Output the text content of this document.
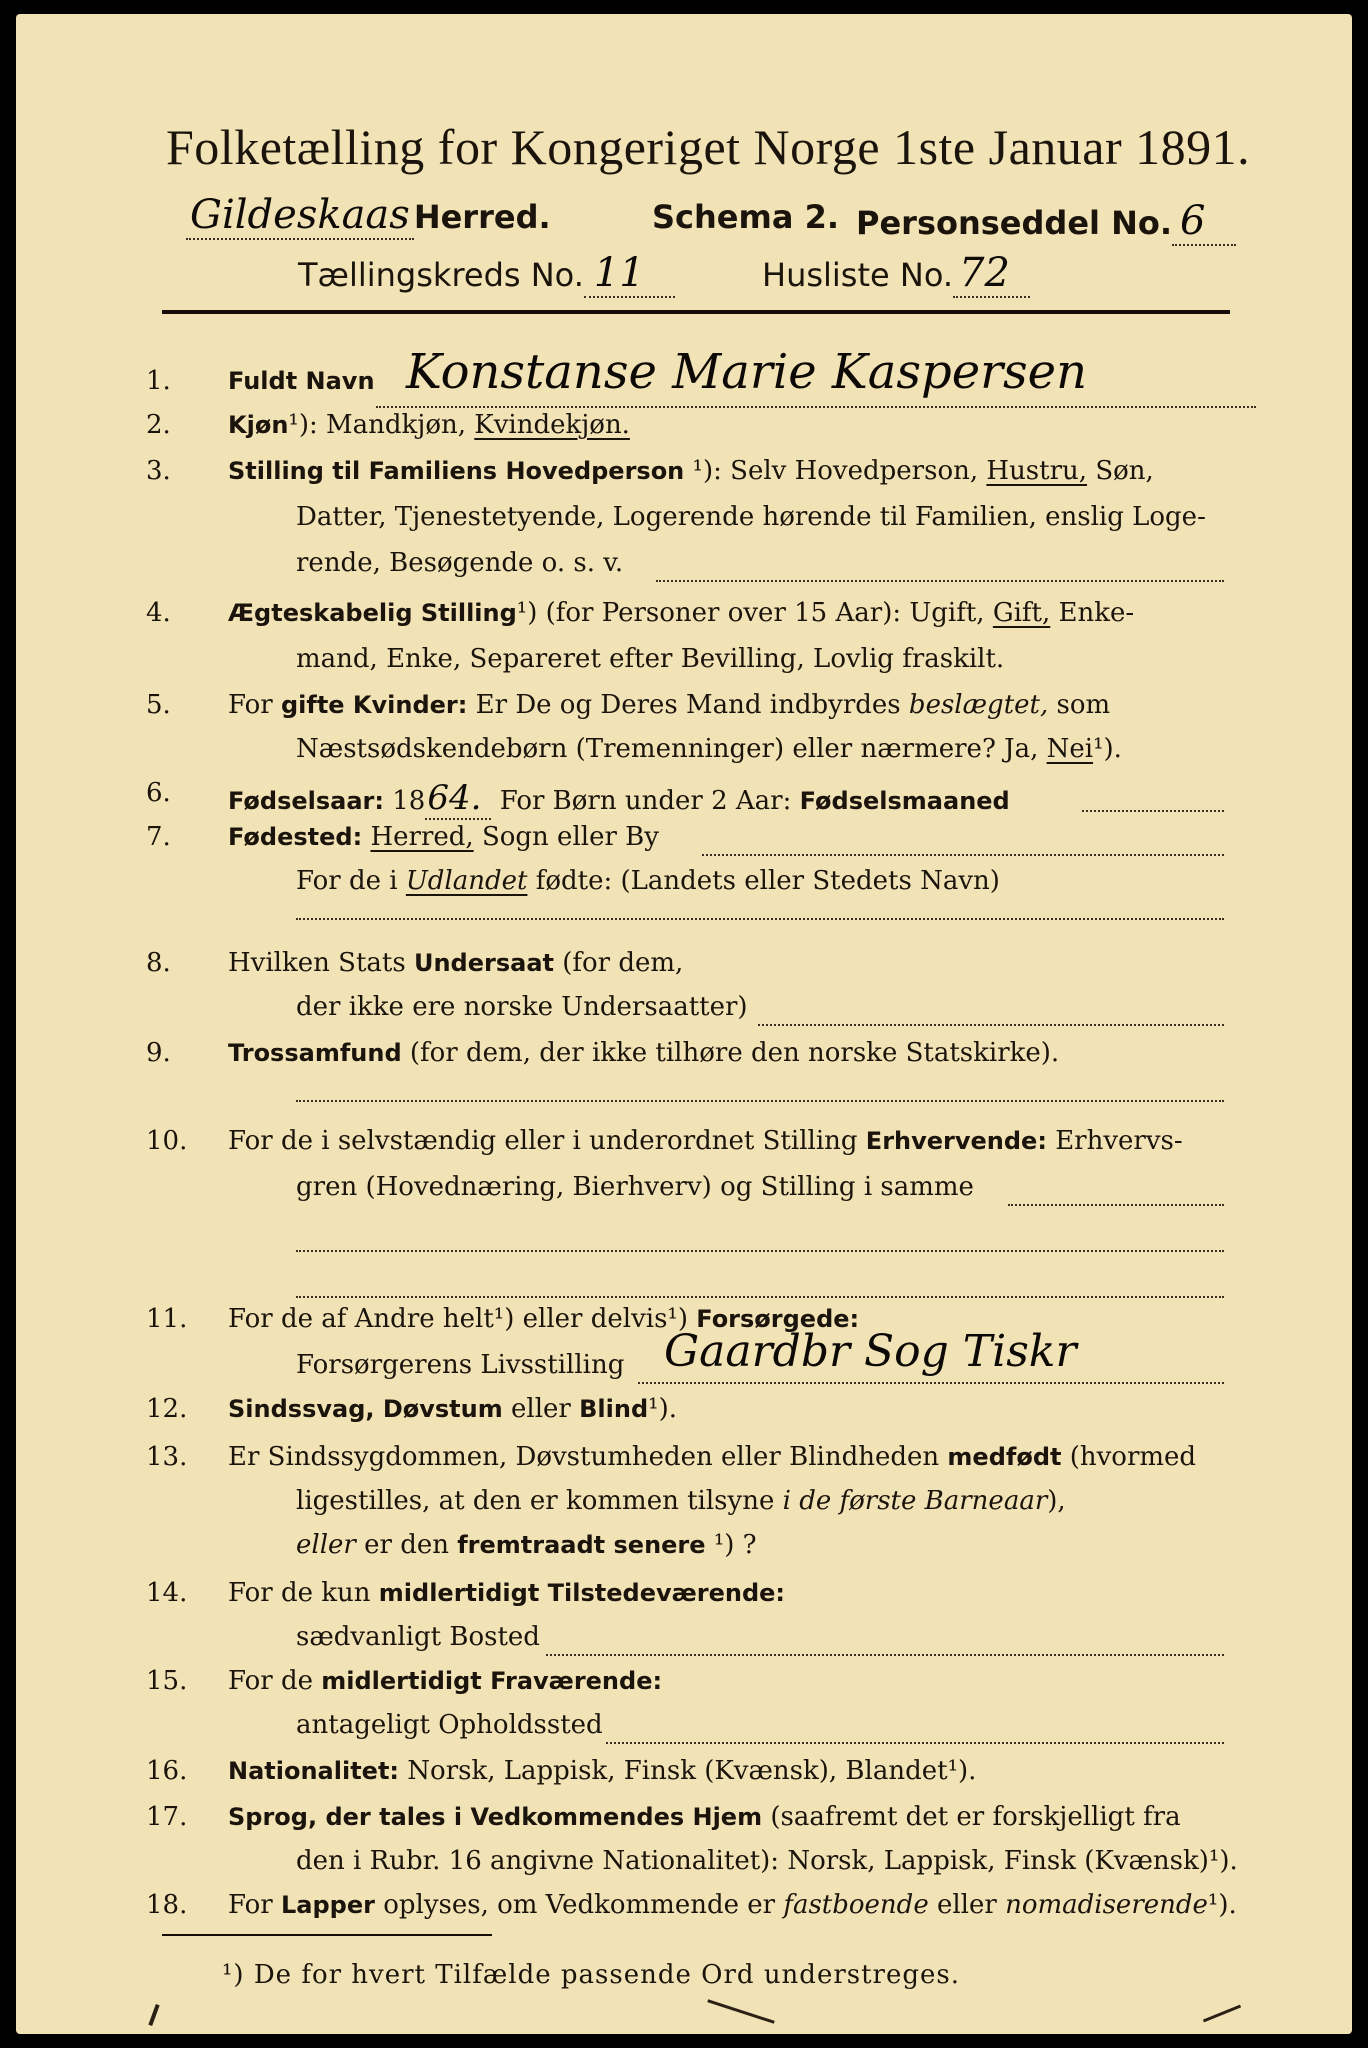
Folketælling for Kongeriget Norge 1ste Januar 1891.
Gildeskaas Herred.	Schema 2. Personseddel No. 6
Tællingskreds No. 11	Husliste No. 72
1. Fuldt Navn Konstanse Marie Kaspersen
2. Kjøn¹): Mandkjøn, Kvindekjøn.
3. Stilling til Familiens Hovedperson ¹): Selv Hovedperson, Hustru, Søn,
Datter, Tjenestetyende, Logerende hørende til Familien, enslig Loge-
rende, Besøgende o. s. v.
4. Ægteskabelig Stilling¹) (for Personer over 15 Aar): Ugift, Gift, Enke-
mand, Enke, Separeret efter Bevilling, Lovlig fraskilt.
5. For gifte Kvinder: Er De og Deres Mand indbyrdes beslægtet, som
Næstsødskendebørn (Tremenninger) eller nærmere? Ja, Nei¹).
6. Fødselsaar: 1864. For Børn under 2 Aar: Fødselsmaaned
7. Fødested: Herred, Sogn eller By
For de i Udlandet fødte: (Landets eller Stedets Navn)
8. Hvilken Stats Undersaat (for dem,
der ikke ere norske Undersaatter)
9. Trossamfund (for dem, der ikke tilhøre den norske Statskirke).
10. For de i selvstændig eller i underordnet Stilling Erhvervende: Erhvervs-
gren (Hovednæring, Bierhverv) og Stilling i samme
11. For de af Andre helt¹) eller delvis¹) Forsørgede:
Forsørgerens Livsstilling Gaardbr Sog Tiskr
12. Sindssvag, Døvstum eller Blind¹).
13. Er Sindssygdommen, Døvstumheden eller Blindheden medfødt (hvormed
ligestilles, at den er kommen tilsyne i de første Barneaar),
eller er den fremtraadt senere ¹) ?
14. For de kun midlertidigt Tilstedeværende:
sædvanligt Bosted
15. For de midlertidigt Fraværende:
antageligt Opholdssted
16. Nationalitet: Norsk, Lappisk, Finsk (Kvænsk), Blandet¹).
17. Sprog, der tales i Vedkommendes Hjem (saafremt det er forskjelligt fra
den i Rubr. 16 angivne Nationalitet): Norsk, Lappisk, Finsk (Kvænsk)¹).
18. For Lapper oplyses, om Vedkommende er fastboende eller nomadiserende¹).
¹) De for hvert Tilfælde passende Ord understreges.
